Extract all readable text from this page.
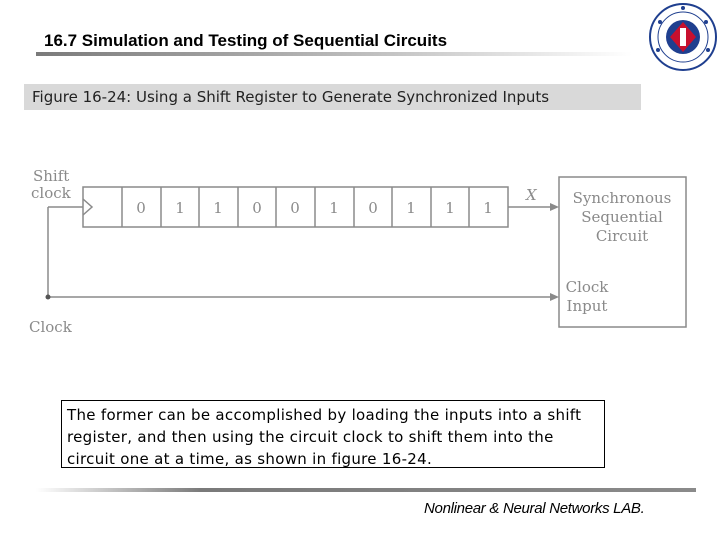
16.7 Simulation and Testing of Sequential Circuits
Figure 16-24: Using a Shift Register to Generate Synchronized Inputs
Shift
clock
Clock
0 1 1 0 0 1 0 1 1 1
X Synchronous
Sequential
Circuit
Clock
Input
The former can be accomplished by loading the inputs into a shift register, and then using the circuit clock to shift them into the circuit one at a time, as shown in figure 16-24.
Nonlinear & Neural Networks LAB.
